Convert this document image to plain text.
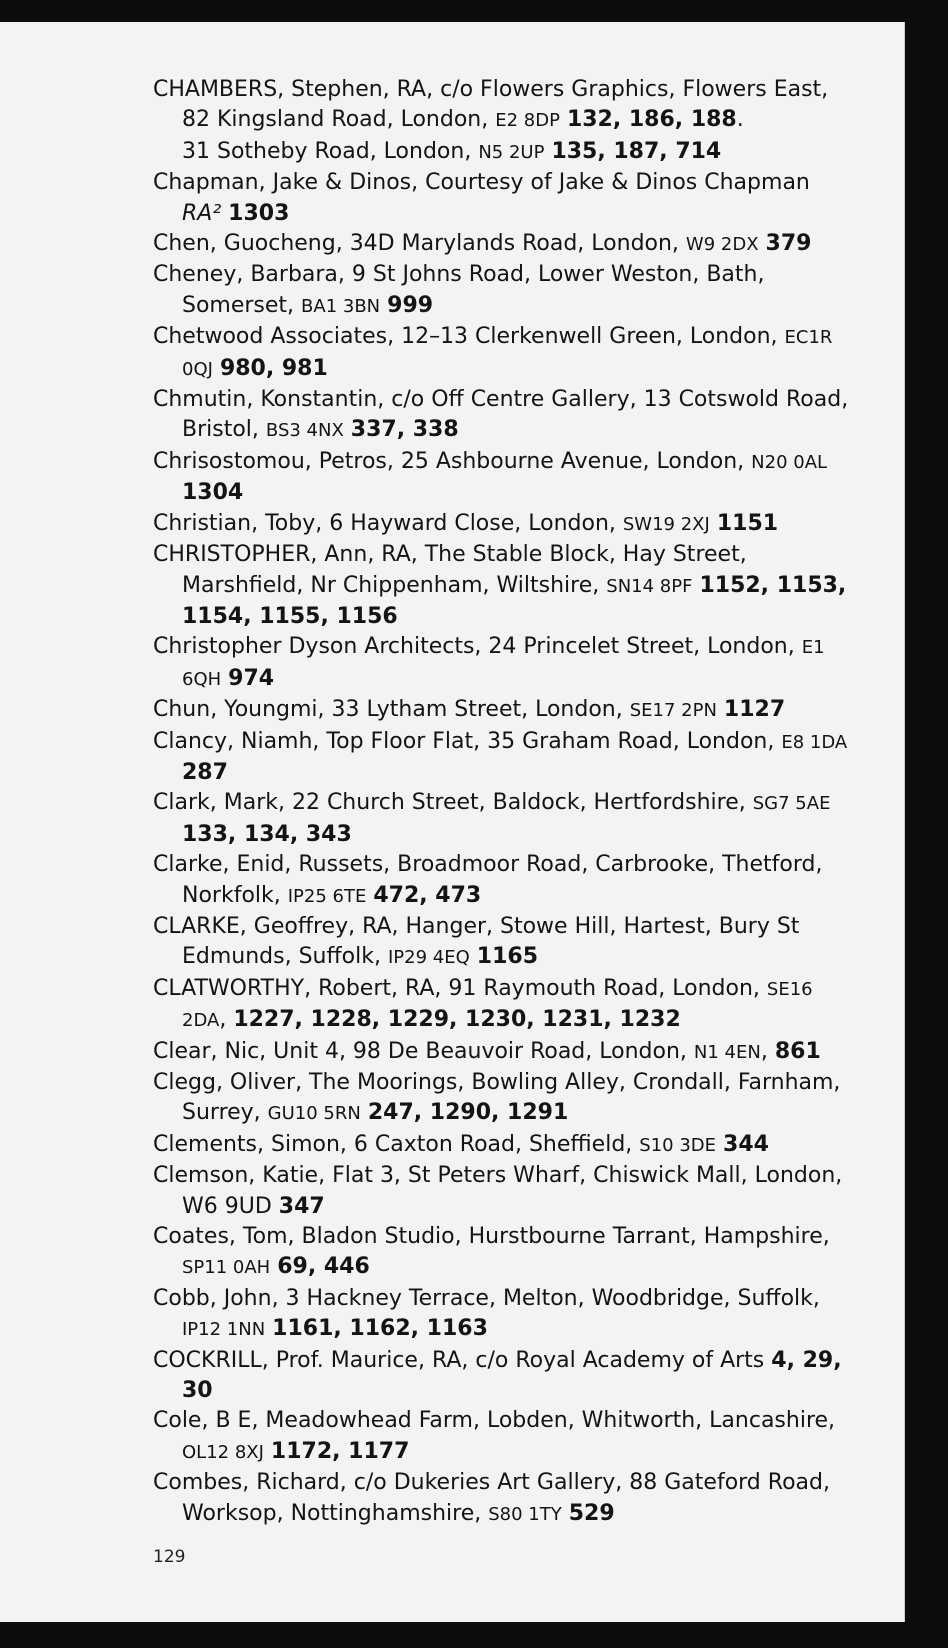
CHAMBERS, Stephen, RA, c/o Flowers Graphics, Flowers East, 82 Kingsland Road, London, E2 8DP 132, 186, 188.
31 Sotheby Road, London, N5 2UP 135, 187, 714
Chapman, Jake & Dinos, Courtesy of Jake & Dinos Chapman RA² 1303
Chen, Guocheng, 34D Marylands Road, London, W9 2DX 379
Cheney, Barbara, 9 St Johns Road, Lower Weston, Bath, Somerset, BA1 3BN 999
Chetwood Associates, 12–13 Clerkenwell Green, London, EC1R 0QJ 980, 981
Chmutin, Konstantin, c/o Off Centre Gallery, 13 Cotswold Road, Bristol, BS3 4NX 337, 338
Chrisostomou, Petros, 25 Ashbourne Avenue, London, N20 0AL 1304
Christian, Toby, 6 Hayward Close, London, SW19 2XJ 1151
CHRISTOPHER, Ann, RA, The Stable Block, Hay Street, Marshfield, Nr Chippenham, Wiltshire, SN14 8PF 1152, 1153, 1154, 1155, 1156
Christopher Dyson Architects, 24 Princelet Street, London, E1 6QH 974
Chun, Youngmi, 33 Lytham Street, London, SE17 2PN 1127
Clancy, Niamh, Top Floor Flat, 35 Graham Road, London, E8 1DA 287
Clark, Mark, 22 Church Street, Baldock, Hertfordshire, SG7 5AE 133, 134, 343
Clarke, Enid, Russets, Broadmoor Road, Carbrooke, Thetford, Norkfolk, IP25 6TE 472, 473
CLARKE, Geoffrey, RA, Hanger, Stowe Hill, Hartest, Bury St Edmunds, Suffolk, IP29 4EQ 1165
CLATWORTHY, Robert, RA, 91 Raymouth Road, London, SE16 2DA, 1227, 1228, 1229, 1230, 1231, 1232
Clear, Nic, Unit 4, 98 De Beauvoir Road, London, N1 4EN, 861
Clegg, Oliver, The Moorings, Bowling Alley, Crondall, Farnham, Surrey, GU10 5RN 247, 1290, 1291
Clements, Simon, 6 Caxton Road, Sheffield, S10 3DE 344
Clemson, Katie, Flat 3, St Peters Wharf, Chiswick Mall, London, W6 9UD 347
Coates, Tom, Bladon Studio, Hurstbourne Tarrant, Hampshire, SP11 0AH 69, 446
Cobb, John, 3 Hackney Terrace, Melton, Woodbridge, Suffolk, IP12 1NN 1161, 1162, 1163
COCKRILL, Prof. Maurice, RA, c/o Royal Academy of Arts 4, 29, 30
Cole, B E, Meadowhead Farm, Lobden, Whitworth, Lancashire, OL12 8XJ 1172, 1177
Combes, Richard, c/o Dukeries Art Gallery, 88 Gateford Road, Worksop, Nottinghamshire, S80 1TY 529
129
